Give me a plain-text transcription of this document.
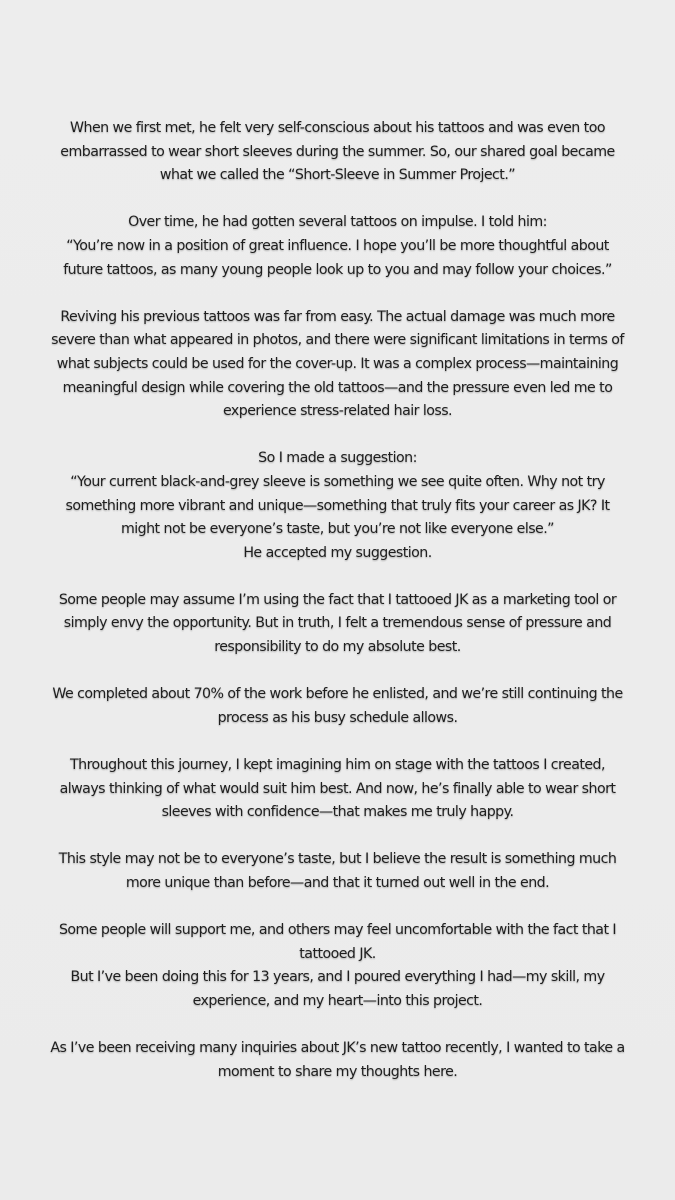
When we first met, he felt very self-conscious about his tattoos and was even too
embarrassed to wear short sleeves during the summer. So, our shared goal became
what we called the “Short-Sleeve in Summer Project.”

Over time, he had gotten several tattoos on impulse. I told him:
“You’re now in a position of great influence. I hope you’ll be more thoughtful about
future tattoos, as many young people look up to you and may follow your choices.”

Reviving his previous tattoos was far from easy. The actual damage was much more
severe than what appeared in photos, and there were significant limitations in terms of
what subjects could be used for the cover-up. It was a complex process—maintaining
meaningful design while covering the old tattoos—and the pressure even led me to
experience stress-related hair loss.

So I made a suggestion:
“Your current black-and-grey sleeve is something we see quite often. Why not try
something more vibrant and unique—something that truly fits your career as JK? It
might not be everyone’s taste, but you’re not like everyone else.”
He accepted my suggestion.

Some people may assume I’m using the fact that I tattooed JK as a marketing tool or
simply envy the opportunity. But in truth, I felt a tremendous sense of pressure and
responsibility to do my absolute best.

We completed about 70% of the work before he enlisted, and we’re still continuing the
process as his busy schedule allows.

Throughout this journey, I kept imagining him on stage with the tattoos I created,
always thinking of what would suit him best. And now, he’s finally able to wear short
sleeves with confidence—that makes me truly happy.

This style may not be to everyone’s taste, but I believe the result is something much
more unique than before—and that it turned out well in the end.

Some people will support me, and others may feel uncomfortable with the fact that I
tattooed JK.
But I’ve been doing this for 13 years, and I poured everything I had—my skill, my
experience, and my heart—into this project.

As I’ve been receiving many inquiries about JK’s new tattoo recently, I wanted to take a
moment to share my thoughts here.
